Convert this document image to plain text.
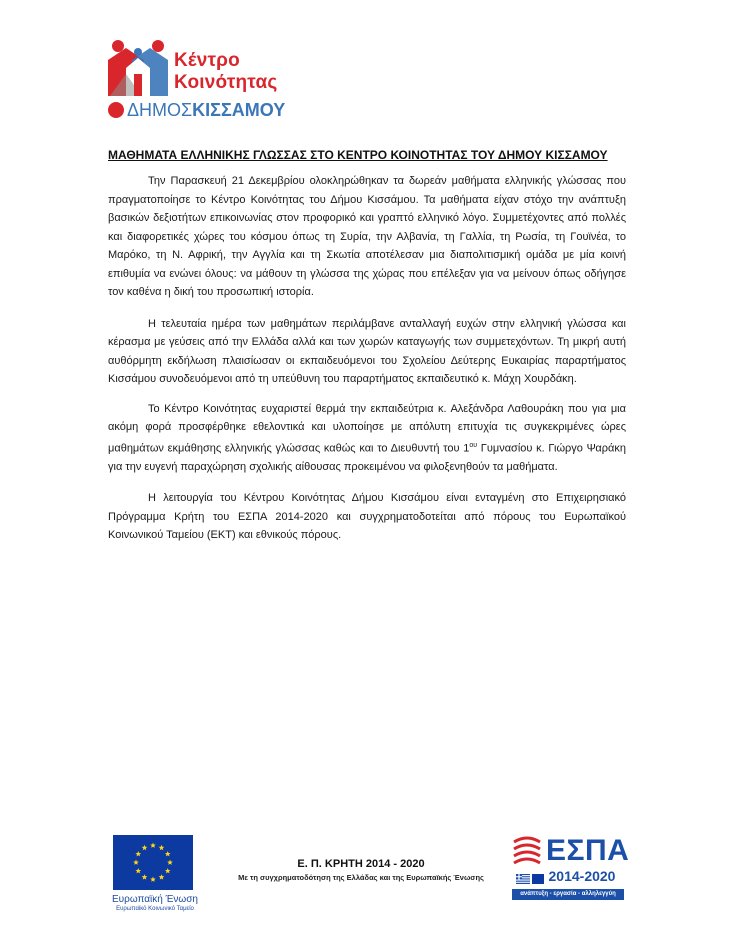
Κέντρο
Κοινότητας
ΔΗΜΟΣΚΙΣΣΑΜΟΥ
ΜΑΘΗΜΑΤΑ ΕΛΛΗΝΙΚΗΣ ΓΛΩΣΣΑΣ ΣΤΟ ΚΕΝΤΡΟ ΚΟΙΝΟΤΗΤΑΣ ΤΟΥ ΔΗΜΟΥ ΚΙΣΣΑΜΟΥ

Την Παρασκευή 21 Δεκεμβρίου ολοκληρώθηκαν τα δωρεάν μαθήματα ελληνικής γλώσσας που πραγματοποίησε το Κέντρο Κοινότητας του Δήμου Κισσάμου. Τα μαθήματα είχαν στόχο την ανάπτυξη βασικών δεξιοτήτων επικοινωνίας στον προφορικό και γραπτό ελληνικό λόγο. Συμμετέχοντες από πολλές και διαφορετικές χώρες του κόσμου όπως τη Συρία, την Αλβανία, τη Γαλλία, τη Ρωσία, τη Γουϊνέα, το Μαρόκο, τη Ν. Αφρική, την Αγγλία και τη Σκωτία αποτέλεσαν μια διαπολιτισμική ομάδα με μία κοινή επιθυμία να ενώνει όλους: να μάθουν τη γλώσσα της χώρας που επέλεξαν για να μείνουν όπως οδήγησε τον καθένα η δική του προσωπική ιστορία.

Η τελευταία ημέρα των μαθημάτων περιλάμβανε ανταλλαγή ευχών στην ελληνική γλώσσα και κέρασμα με γεύσεις από την Ελλάδα αλλά και των χωρών καταγωγής των συμμετεχόντων. Τη μικρή αυτή αυθόρμητη εκδήλωση πλαισίωσαν οι εκπαιδευόμενοι του Σχολείου Δεύτερης Ευκαιρίας παραρτήματος Κισσάμου συνοδευόμενοι από τη υπεύθυνη του παραρτήματος εκπαιδευτικό κ. Μάχη Χουρδάκη.

Το Κέντρο Κοινότητας ευχαριστεί θερμά την εκπαιδεύτρια κ. Αλεξάνδρα Λαθουράκη που για μια ακόμη φορά προσφέρθηκε εθελοντικά και υλοποίησε με απόλυτη επιτυχία τις συγκεκριμένες ώρες μαθημάτων εκμάθησης ελληνικής γλώσσας καθώς και το Διευθυντή του $1^{o\upsilon}$ Γυμνασίου κ. Γιώργο Ψαράκη για την ευγενή παραχώρηση σχολικής αίθουσας προκειμένου να φιλοξενηθούν τα μαθήματα.

Η λειτουργία του Κέντρου Κοινότητας Δήμου Κισσάμου είναι ενταγμένη στο Επιχειρησιακό Πρόγραμμα Κρήτη του ΕΣΠΑ 2014-2020 και συγχρηματοδοτείται από πόρους του Ευρωπαϊκού Κοινωνικού Ταμείου (ΕΚΤ) και εθνικούς πόρους.

Ευρωπαϊκή Ένωση
Ευρωπαϊκό Κοινωνικό Ταμείο
Ε. Π. ΚΡΗΤΗ 2014 - 2020
Με τη συγχρηματοδότηση της Ελλάδας και της Ευρωπαϊκής Ένωσης
ΕΣΠΑ
2014-2020
ανάπτυξη - εργασία - αλληλεγγύη
